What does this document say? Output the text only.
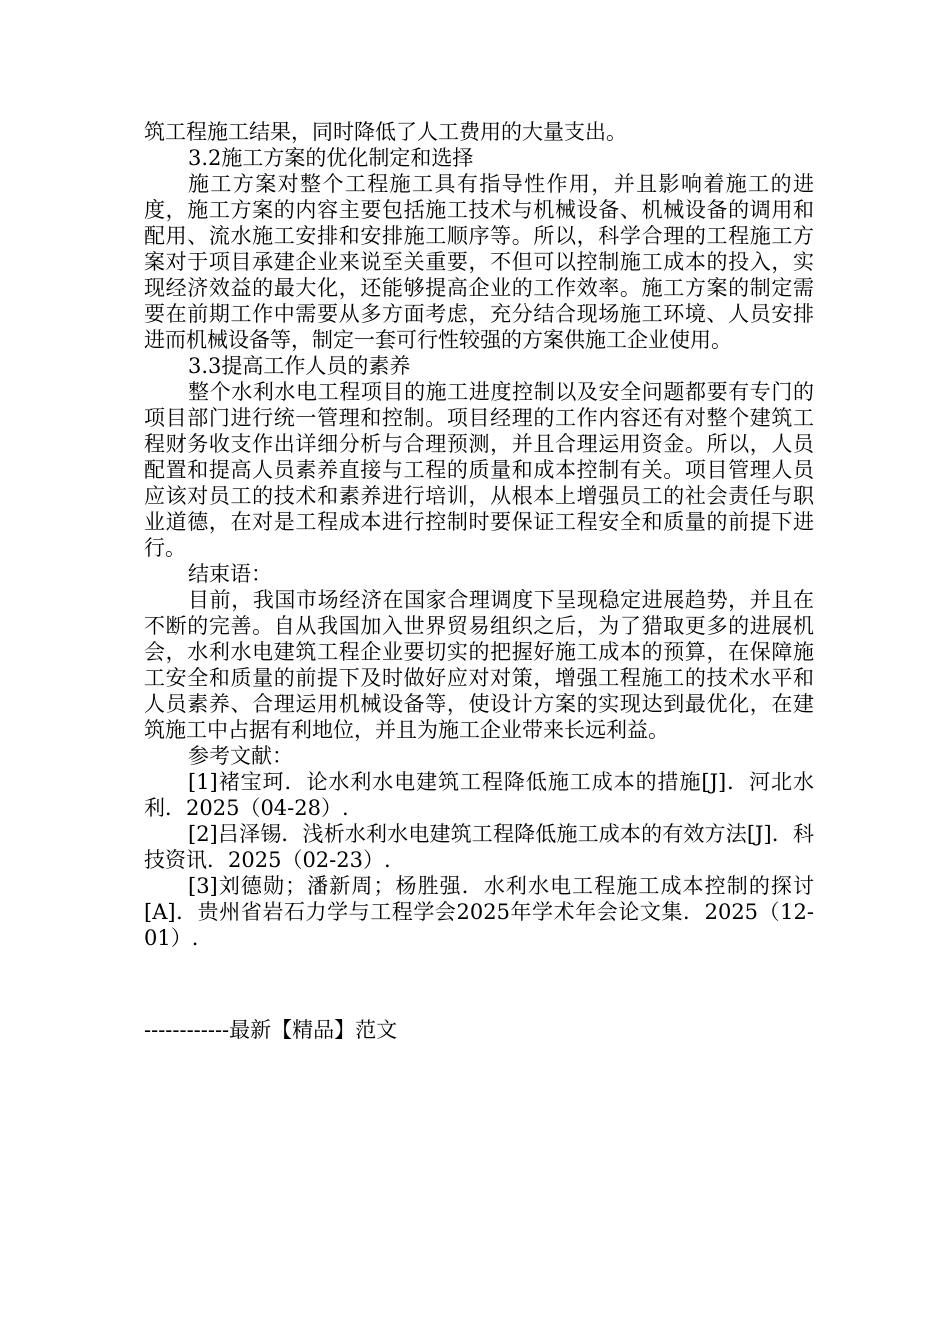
筑工程施工结果，同时降低了人工费用的大量支出。

3.2施工方案的优化制定和选择

施工方案对整个工程施工具有指导性作用，并且影响着施工的进度，施工方案的内容主要包括施工技术与机械设备、机械设备的调用和配用、流水施工安排和安排施工顺序等。所以，科学合理的工程施工方案对于项目承建企业来说至关重要，不但可以控制施工成本的投入，实现经济效益的最大化，还能够提高企业的工作效率。施工方案的制定需要在前期工作中需要从多方面考虑，充分结合现场施工环境、人员安排进而机械设备等，制定一套可行性较强的方案供施工企业使用。

3.3提高工作人员的素养

整个水利水电工程项目的施工进度控制以及安全问题都要有专门的项目部门进行统一管理和控制。项目经理的工作内容还有对整个建筑工程财务收支作出详细分析与合理预测，并且合理运用资金。所以，人员配置和提高人员素养直接与工程的质量和成本控制有关。项目管理人员应该对员工的技术和素养进行培训，从根本上增强员工的社会责任与职业道德，在对是工程成本进行控制时要保证工程安全和质量的前提下进行。

结束语：

目前，我国市场经济在国家合理调度下呈现稳定进展趋势，并且在不断的完善。自从我国加入世界贸易组织之后，为了猎取更多的进展机会，水利水电建筑工程企业要切实的把握好施工成本的预算，在保障施工安全和质量的前提下及时做好应对对策，增强工程施工的技术水平和人员素养、合理运用机械设备等，使设计方案的实现达到最优化，在建筑施工中占据有利地位，并且为施工企业带来长远利益。

参考文献：

[1]褚宝珂．论水利水电建筑工程降低施工成本的措施[J]．河北水利．2025（04-28）.

[2]吕泽锡．浅析水利水电建筑工程降低施工成本的有效方法[J]．科技资讯．2025（02-23）.

[3]刘德勋；潘新周；杨胜强．水利水电工程施工成本控制的探讨[A]．贵州省岩石力学与工程学会2025年学术年会论文集．2025（12-01）.

------------最新【精品】范文
